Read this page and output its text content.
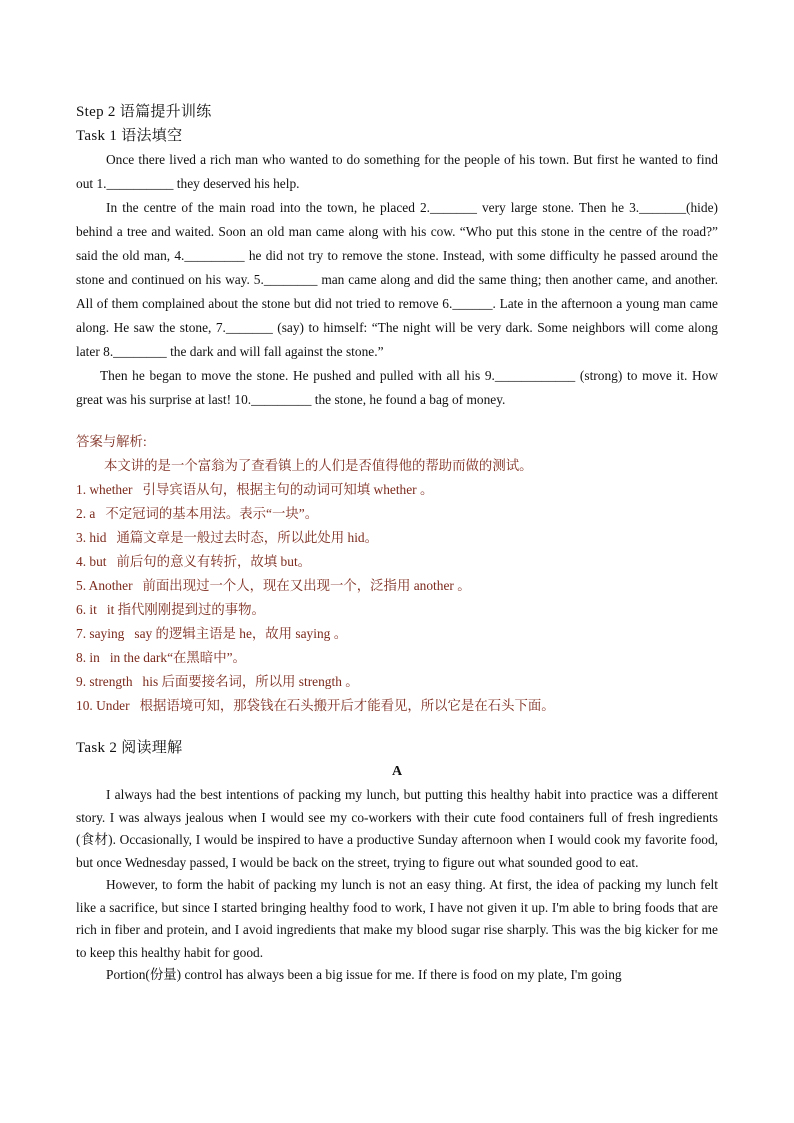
Step 2 语篇提升训练
Task 1 语法填空
Once there lived a rich man who wanted to do something for the people of his town. But first he wanted to find out 1.__________ they deserved his help.
In the centre of the main road into the town, he placed 2._______ very large stone. Then he 3._______(hide) behind a tree and waited. Soon an old man came along with his cow. “Who put this stone in the centre of the road?” said the old man, 4._________ he did not try to remove the stone. Instead, with some difficulty he passed around the stone and continued on his way. 5.________ man came along and did the same thing; then another came, and another. All of them complained about the stone but did not tried to remove 6.______. Late in the afternoon a young man came along. He saw the stone, 7._______ (say) to himself: “The night will be very dark. Some neighbors will come along later 8.________ the dark and will fall against the stone.”
Then he began to move the stone. He pushed and pulled with all his 9.____________ (strong) to move it. How great was his surprise at last! 10._________ the stone, he found a bag of money.
答案与解析:
本文讲的是一个富翁为了查看镇上的人们是否值得他的帮助而做的测试。
1. whether 引导宾语从句，根据主句的动词可知填 whether 。
2. a 不定冠词的基本用法。表示“一块”。
3. hid 通篇文章是一般过去时态，所以此处用 hid。
4. but 前后句的意义有转折，故填 but。
5. Another 前面出现过一个人，现在又出现一个，泛指用 another 。
6. it it 指代刚刚提到过的事物。
7. saying say 的逻辑主语是 he，故用 saying 。
8. in in the dark“在黑暗中”。
9. strength his 后面要接名词，所以用 strength 。
10. Under 根据语境可知，那袋钱在石头搬开后才能看见，所以它是在石头下面。
Task 2 阅读理解
A
I always had the best intentions of packing my lunch, but putting this healthy habit into practice was a different story. I was always jealous when I would see my co-workers with their cute food containers full of fresh ingredients (食材). Occasionally, I would be inspired to have a productive Sunday afternoon when I would cook my favorite food, but once Wednesday passed, I would be back on the street, trying to figure out what sounded good to eat.
However, to form the habit of packing my lunch is not an easy thing. At first, the idea of packing my lunch felt like a sacrifice, but since I started bringing healthy food to work, I have not given it up. I'm able to bring foods that are rich in fiber and protein, and I avoid ingredients that make my blood sugar rise sharply. This was the big kicker for me to keep this healthy habit for good.
Portion(份量) control has always been a big issue for me. If there is food on my plate, I'm going
